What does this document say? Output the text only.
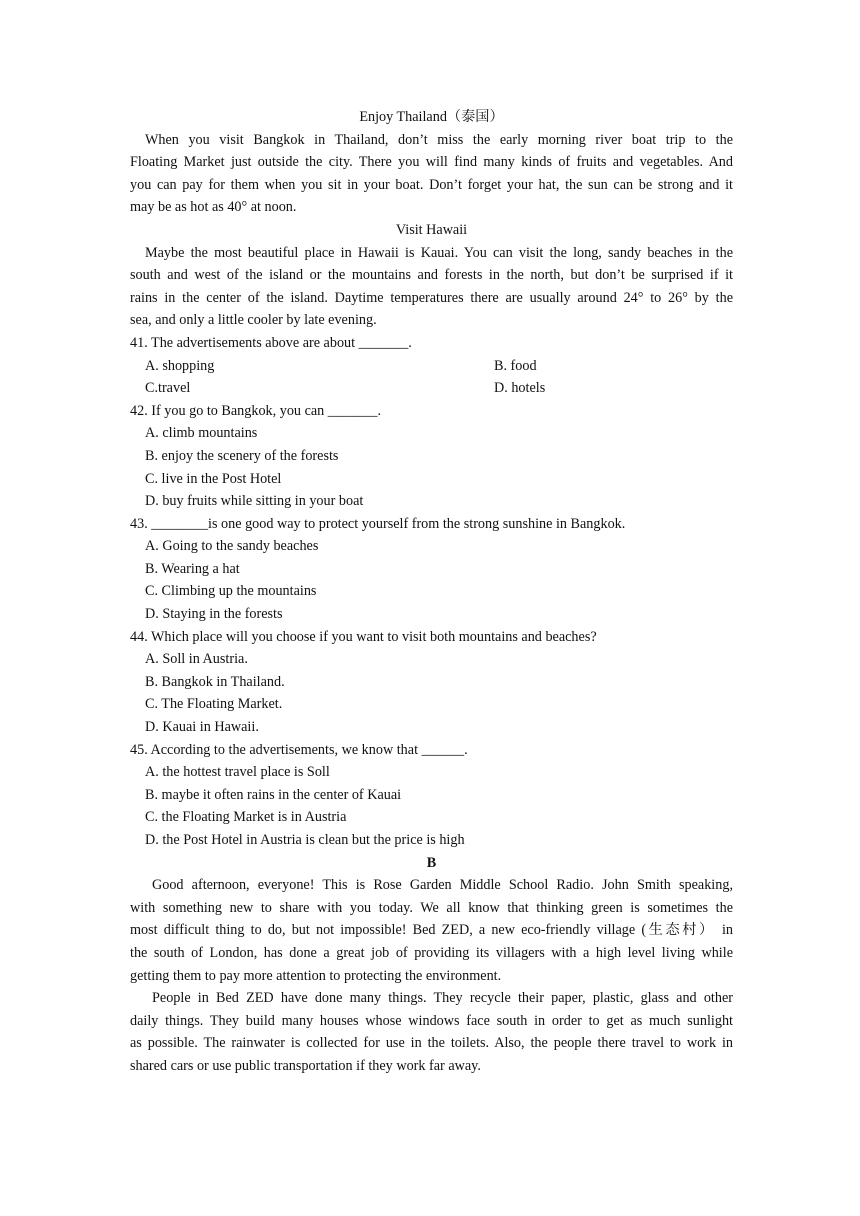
Enjoy Thailand（泰国）
When you visit Bangkok in Thailand, don’t miss the early morning river boat trip to the
Floating Market just outside the city. There you will find many kinds of fruits and vegetables. And
you can pay for them when you sit in your boat. Don’t forget your hat, the sun can be strong and it
may be as hot as 40° at noon.
Visit Hawaii
Maybe the most beautiful place in Hawaii is Kauai. You can visit the long, sandy beaches in the
south and west of the island or the mountains and forests in the north, but don’t be surprised if it
rains in the center of the island. Daytime temperatures there are usually around 24° to 26° by the
sea, and only a little cooler by late evening.
41. The advertisements above are about _______.
A. shopping	B. food
C.travel	D. hotels
42. If you go to Bangkok, you can _______.
A. climb mountains
B. enjoy the scenery of the forests
C. live in the Post Hotel
D. buy fruits while sitting in your boat
43. ________is one good way to protect yourself from the strong sunshine in Bangkok.
A. Going to the sandy beaches
B. Wearing a hat
C. Climbing up the mountains
D. Staying in the forests
44. Which place will you choose if you want to visit both mountains and beaches?
A. Soll in Austria.
B. Bangkok in Thailand.
C. The Floating Market.
D. Kauai in Hawaii.
45. According to the advertisements, we know that ______.
A. the hottest travel place is Soll
B. maybe it often rains in the center of Kauai
C. the Floating Market is in Austria
D. the Post Hotel in Austria is clean but the price is high
B
Good afternoon, everyone! This is Rose Garden Middle School Radio. John Smith speaking,
with something new to share with you today. We all know that thinking green is sometimes the
most difficult thing to do, but not impossible! Bed ZED, a new eco-friendly village (生态村） in
the south of London, has done a great job of providing its villagers with a high level living while
getting them to pay more attention to protecting the environment.
People in Bed ZED have done many things. They recycle their paper, plastic, glass and other
daily things. They build many houses whose windows face south in order to get as much sunlight
as possible. The rainwater is collected for use in the toilets. Also, the people there travel to work in
shared cars or use public transportation if they work far away.
